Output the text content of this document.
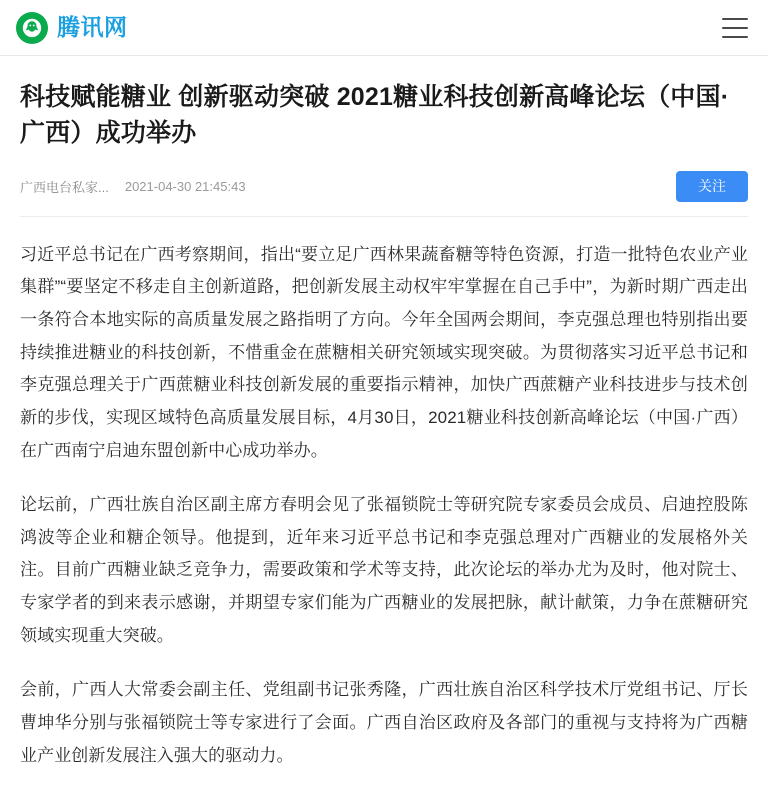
腾讯网
科技赋能糖业 创新驱动突破 2021糖业科技创新高峰论坛（中国·广西）成功举办
广西电台私家... 2021-04-30 21:45:43	关注

习近平总书记在广西考察期间，指出“要立足广西林果蔬畜糖等特色资源，打造一批特色农业产业集群”“要坚定不移走自主创新道路，把创新发展主动权牢牢掌握在自己手中”，为新时期广西走出一条符合本地实际的高质量发展之路指明了方向。今年全国两会期间，李克强总理也特别指出要持续推进糖业的科技创新，不惜重金在蔗糖相关研究领域实现突破。为贯彻落实习近平总书记和李克强总理关于广西蔗糖业科技创新发展的重要指示精神，加快广西蔗糖产业科技进步与技术创新的步伐，实现区域特色高质量发展目标，4月30日，2021糖业科技创新高峰论坛（中国·广西）在广西南宁启迪东盟创新中心成功举办。

论坛前，广西壮族自治区副主席方春明会见了张福锁院士等研究院专家委员会成员、启迪控股陈鸿波等企业和糖企领导。他提到，近年来习近平总书记和李克强总理对广西糖业的发展格外关注。目前广西糖业缺乏竞争力，需要政策和学术等支持，此次论坛的举办尤为及时，他对院士、专家学者的到来表示感谢，并期望专家们能为广西糖业的发展把脉，献计献策，力争在蔗糖研究领域实现重大突破。

会前，广西人大常委会副主任、党组副书记张秀隆，广西壮族自治区科学技术厅党组书记、厅长曹坤华分别与张福锁院士等专家进行了会面。广西自治区政府及各部门的重视与支持将为广西糖业产业创新发展注入强大的驱动力。
